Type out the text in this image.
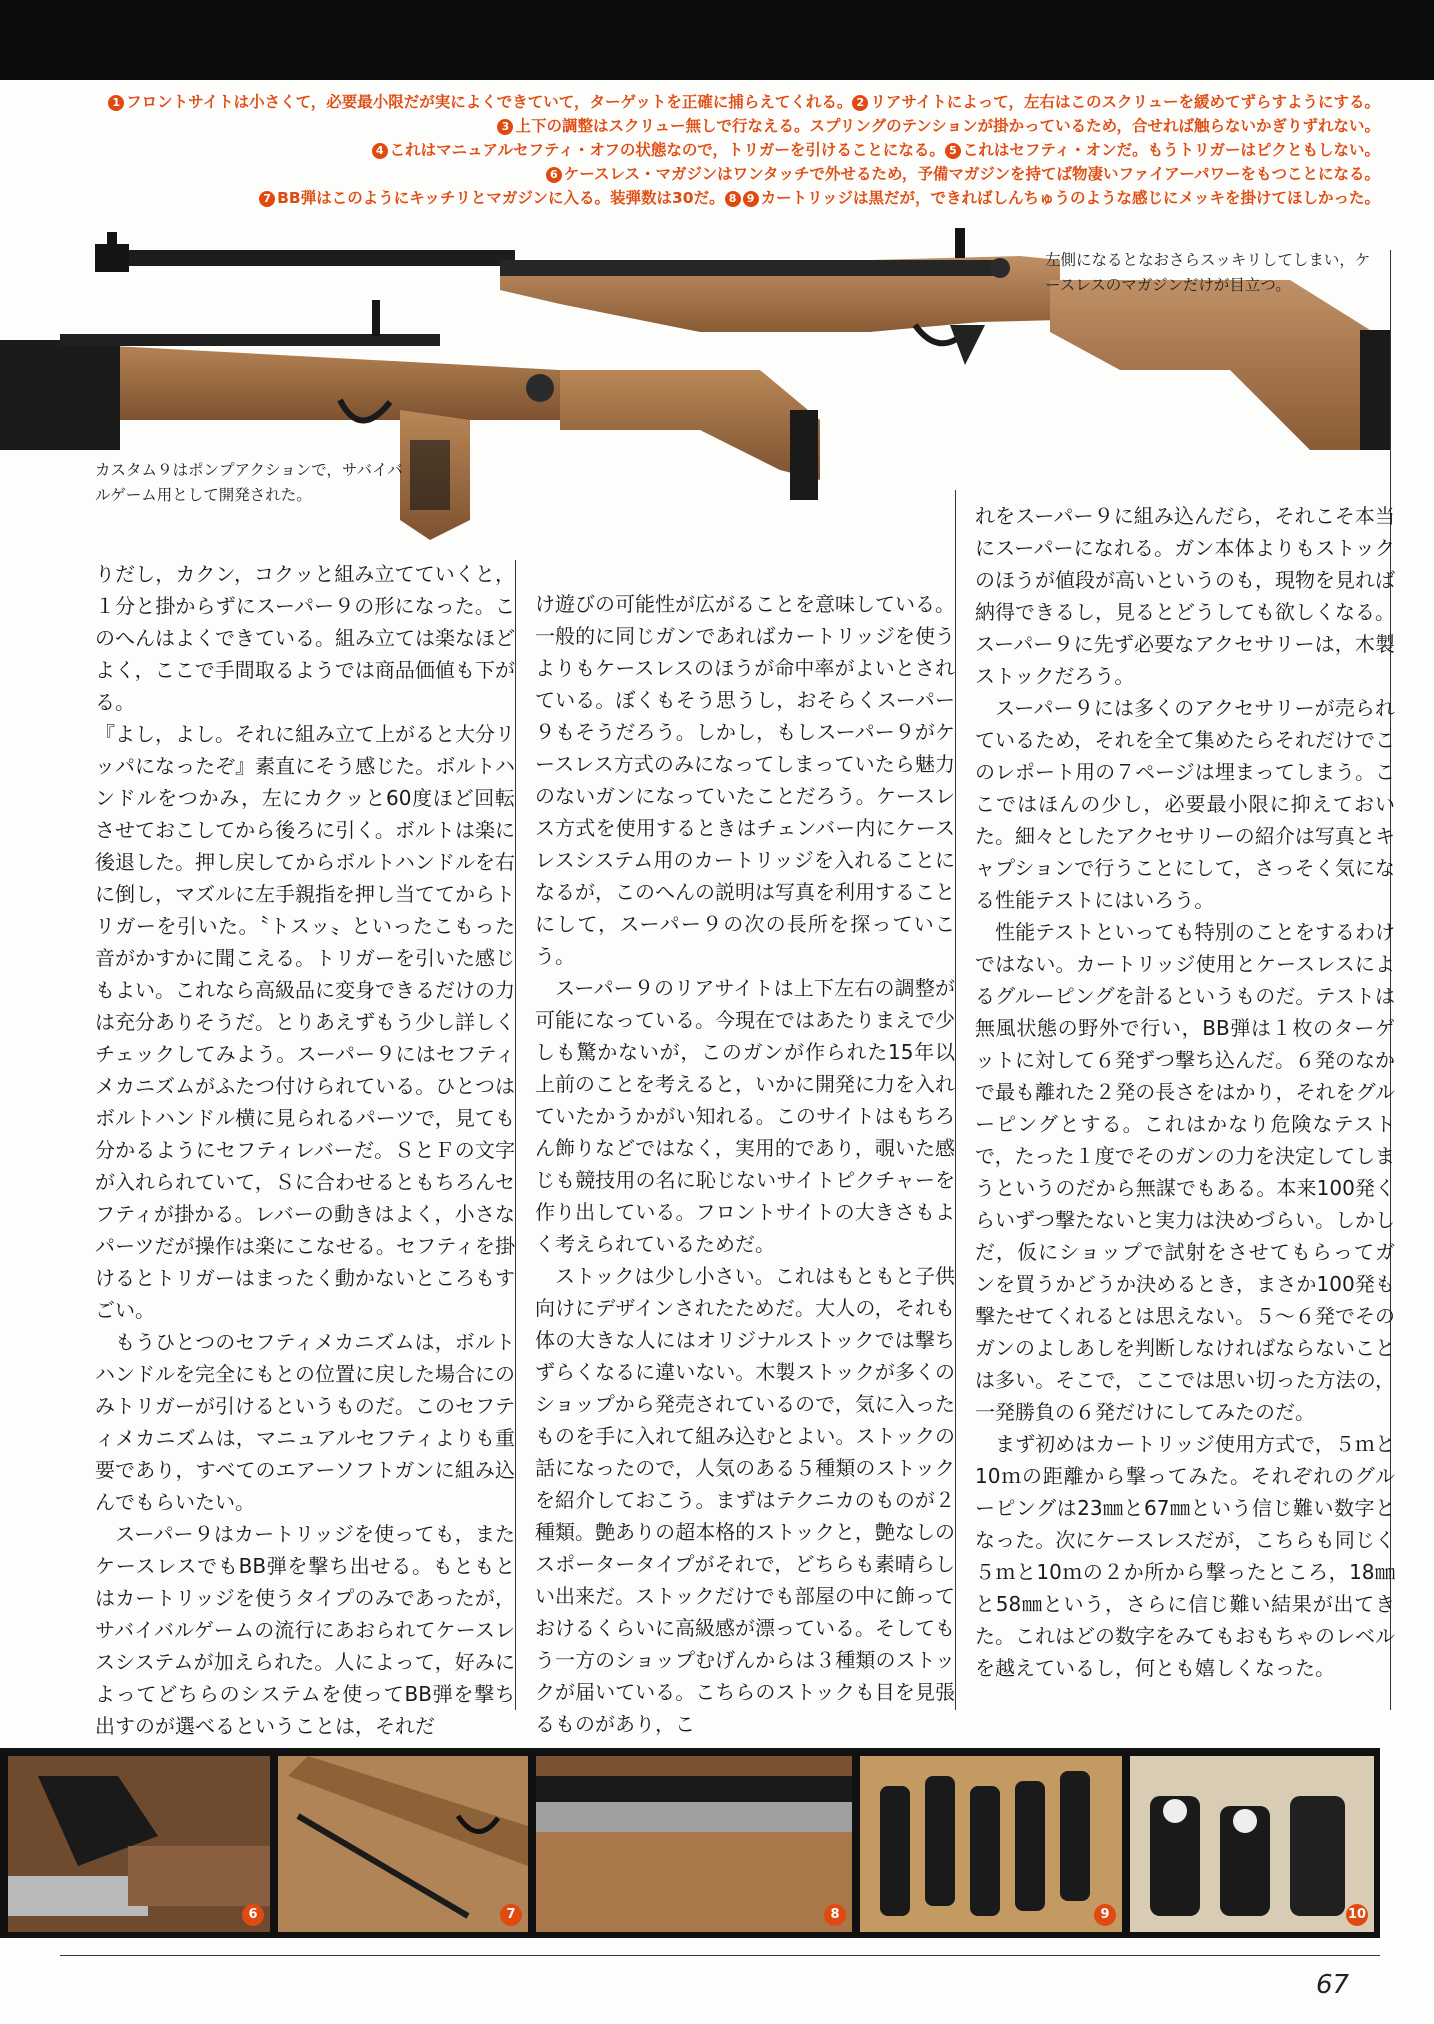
1 フロントサイトは小さくて，必要最小限だが実によくできていて，ターゲットを正確に捕らえてくれる。 2 リアサイトによって，左右はこのスクリューを緩めてずらすようにする。
3 上下の調整はスクリュー無しで行なえる。スプリングのテンションが掛かっているため，合せれば触らないかぎりずれない。
4 これはマニュアルセフティ・オフの状態なので，トリガーを引けることになる。 5 これはセフティ・オンだ。もうトリガーはピクともしない。
6 ケースレス・マガジンはワンタッチで外せるため，予備マガジンを持てば物凄いファイアーパワーをもつことになる。
7 BB弾はこのようにキッチリとマガジンに入る。装弾数は30だ。 8 9 カートリッジは黒だが，できればしんちゅうのような感じにメッキを掛けてほしかった。
左側になるとなおさらスッキリしてしまい，ケースレスのマガジンだけが目立つ。
カスタム９はポンプアクションで，サバイバルゲーム用として開発された。

りだし，カクン，コクッと組み立てていくと，１分と掛からずにスーパー９の形になった。このへんはよくできている。組み立ては楽なほどよく，ここで手間取るようでは商品価値も下がる。

『よし，よし。それに組み立て上がると大分リッパになったぞ』素直にそう感じた。ボルトハンドルをつかみ，左にカクッと60度ほど回転させておこしてから後ろに引く。ボルトは楽に後退した。押し戻してからボルトハンドルを右に倒し，マズルに左手親指を押し当ててからトリガーを引いた。〝トスッ〟といったこもった音がかすかに聞こえる。トリガーを引いた感じもよい。これなら高級品に変身できるだけの力は充分ありそうだ。とりあえずもう少し詳しくチェックしてみよう。スーパー９にはセフティメカニズムがふたつ付けられている。ひとつはボルトハンドル横に見られるパーツで，見ても分かるようにセフティレバーだ。ＳとＦの文字が入れられていて，Ｓに合わせるともちろんセフティが掛かる。レバーの動きはよく，小さなパーツだが操作は楽にこなせる。セフティを掛けるとトリガーはまったく動かないところもすごい。

　もうひとつのセフティメカニズムは，ボルトハンドルを完全にもとの位置に戻した場合にのみトリガーが引けるというものだ。このセフティメカニズムは，マニュアルセフティよりも重要であり，すべてのエアーソフトガンに組み込んでもらいたい。

　スーパー９はカートリッジを使っても，またケースレスでもBB弾を撃ち出せる。もともとはカートリッジを使うタイプのみであったが，サバイバルゲームの流行にあおられてケースレスシステムが加えられた。人によって，好みによってどちらのシステムを使ってBB弾を撃ち出すのが選べるということは，それだ

け遊びの可能性が広がることを意味している。一般的に同じガンであればカートリッジを使うよりもケースレスのほうが命中率がよいとされている。ぼくもそう思うし，おそらくスーパー９もそうだろう。しかし，もしスーパー９がケースレス方式のみになってしまっていたら魅力のないガンになっていたことだろう。ケースレス方式を使用するときはチェンバー内にケースレスシステム用のカートリッジを入れることになるが，このへんの説明は写真を利用することにして，スーパー９の次の長所を探っていこう。

　スーパー９のリアサイトは上下左右の調整が可能になっている。今現在ではあたりまえで少しも驚かないが，このガンが作られた15年以上前のことを考えると，いかに開発に力を入れていたかうかがい知れる。このサイトはもちろん飾りなどではなく，実用的であり，覗いた感じも競技用の名に恥じないサイトピクチャーを作り出している。フロントサイトの大きさもよく考えられているためだ。

　ストックは少し小さい。これはもともと子供向けにデザインされたためだ。大人の，それも体の大きな人にはオリジナルストックでは撃ちずらくなるに違いない。木製ストックが多くのショップから発売されているので，気に入ったものを手に入れて組み込むとよい。ストックの話になったので，人気のある５種類のストックを紹介しておこう。まずはテクニカのものが２種類。艶ありの超本格的ストックと，艶なしのスポータータイプがそれで，どちらも素晴らしい出来だ。ストックだけでも部屋の中に飾っておけるくらいに高級感が漂っている。そしてもう一方のショップむげんからは３種類のストックが届いている。こちらのストックも目を見張るものがあり，こ

れをスーパー９に組み込んだら，それこそ本当にスーパーになれる。ガン本体よりもストックのほうが値段が高いというのも，現物を見れば納得できるし，見るとどうしても欲しくなる。スーパー９に先ず必要なアクセサリーは，木製ストックだろう。

　スーパー９には多くのアクセサリーが売られているため，それを全て集めたらそれだけでこのレポート用の７ページは埋まってしまう。ここではほんの少し，必要最小限に抑えておいた。細々としたアクセサリーの紹介は写真とキャプションで行うことにして，さっそく気になる性能テストにはいろう。

　性能テストといっても特別のことをするわけではない。カートリッジ使用とケースレスによるグルーピングを計るというものだ。テストは無風状態の野外で行い，BB弾は１枚のターゲットに対して６発ずつ撃ち込んだ。６発のなかで最も離れた２発の長さをはかり，それをグルーピングとする。これはかなり危険なテストで，たった１度でそのガンの力を決定してしまうというのだから無謀でもある。本来100発くらいずつ撃たないと実力は決めづらい。しかしだ，仮にショップで試射をさせてもらってガンを買うかどうか決めるとき，まさか100発も撃たせてくれるとは思えない。５～６発でそのガンのよしあしを判断しなければならないことは多い。そこで，ここでは思い切った方法の，一発勝負の６発だけにしてみたのだ。

　まず初めはカートリッジ使用方式で，５ｍと10ｍの距離から撃ってみた。それぞれのグルーピングは23㎜と67㎜という信じ難い数字となった。次にケースレスだが，こちらも同じく５ｍと10ｍの２か所から撃ったところ，18㎜と58㎜という，さらに信じ難い結果が出てきた。これはどの数字をみてもおもちゃのレベルを越えているし，何とも嬉しくなった。

6	7	8	9	10
67
